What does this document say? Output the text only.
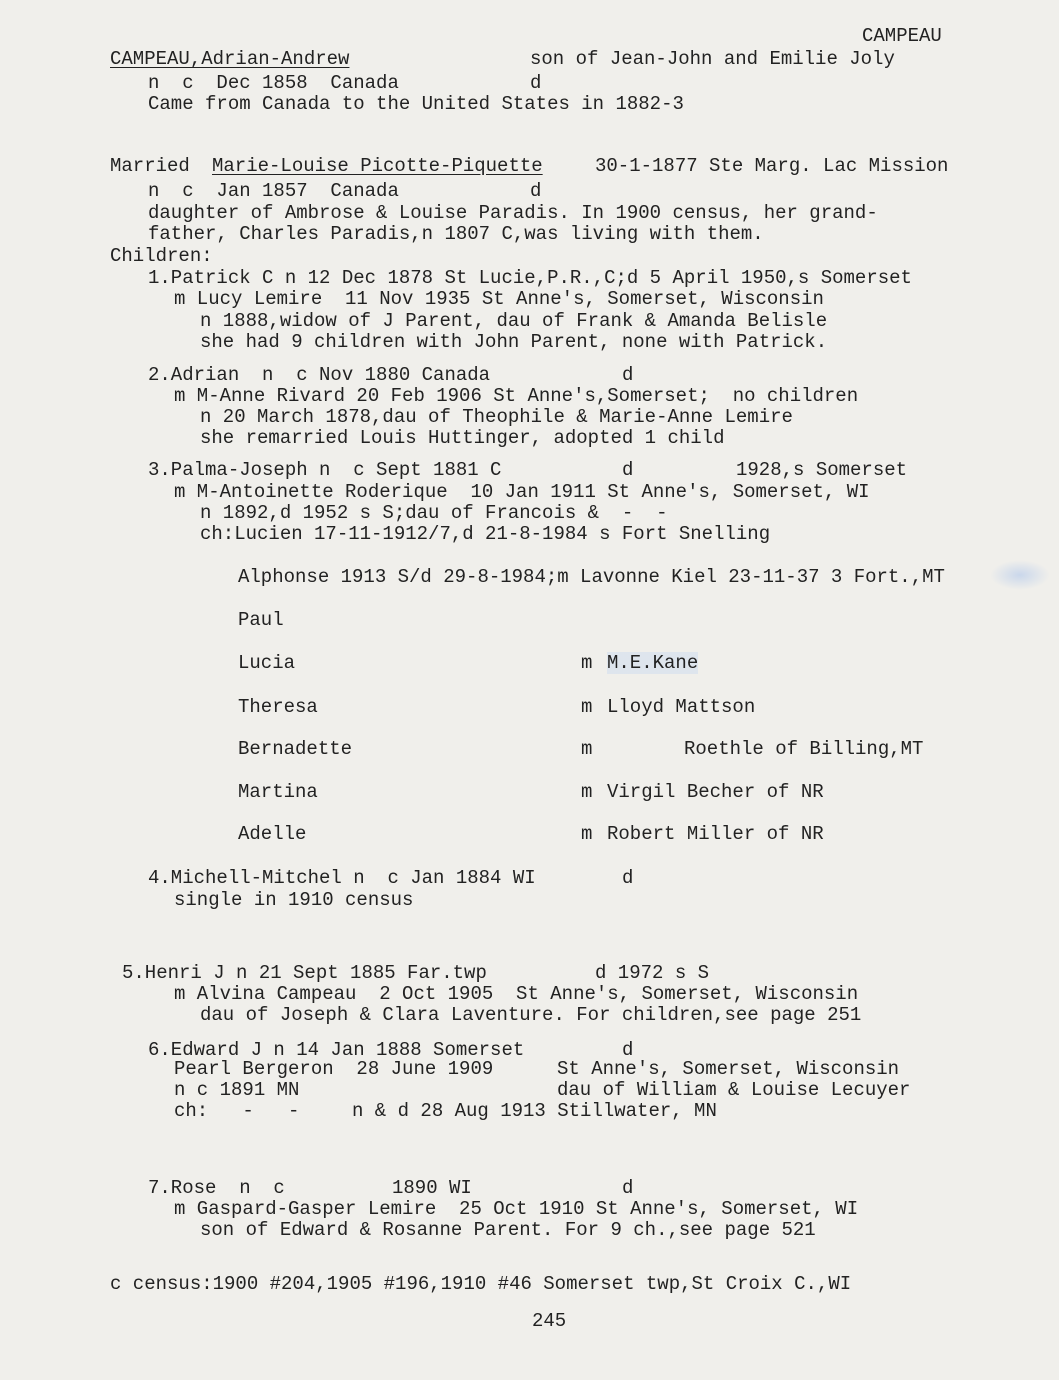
CAMPEAU
CAMPEAU,Adrian-Andrew	son of Jean-John and Emilie Joly
n  c  Dec 1858  Canada	d
Came from Canada to the United States in 1882-3
Married Marie-Louise Picotte-Piquette	30-1-1877 Ste Marg. Lac Mission
n  c  Jan 1857  Canada	d
daughter of Ambrose & Louise Paradis. In 1900 census, her grand-
father, Charles Paradis,n 1807 C,was living with them.
Children:
1.Patrick C n 12 Dec 1878 St Lucie,P.R.,C;d 5 April 1950,s Somerset
m Lucy Lemire  11 Nov 1935 St Anne's, Somerset, Wisconsin
n 1888,widow of J Parent, dau of Frank & Amanda Belisle
she had 9 children with John Parent, none with Patrick.
2.Adrian  n  c Nov 1880 Canada	d
m M-Anne Rivard 20 Feb 1906 St Anne's,Somerset;  no children
n 20 March 1878,dau of Theophile & Marie-Anne Lemire
she remarried Louis Huttinger, adopted 1 child
3.Palma-Joseph n  c Sept 1881 C	d	1928,s Somerset
m M-Antoinette Roderique  10 Jan 1911 St Anne's, Somerset, WI
n 1892,d 1952 s S;dau of Francois &  -  -
ch:Lucien 17-11-1912/7,d 21-8-1984 s Fort Snelling
Alphonse 1913 S/d 29-8-1984;m Lavonne Kiel 23-11-37 3 Fort.,MT
Paul
Lucia	m M.E.Kane
Theresa	m Lloyd Mattson
Bernadette	m	Roethle of Billing,MT
Martina	m Virgil Becher of NR
Adelle	m Robert Miller of NR
4.Michell-Mitchel n  c Jan 1884 WI	d
single in 1910 census
5.Henri J n 21 Sept 1885 Far.twp	d 1972 s S
m Alvina Campeau  2 Oct 1905  St Anne's, Somerset, Wisconsin
dau of Joseph & Clara Laventure. For children,see page 251
6.Edward J n 14 Jan 1888 Somerset	d
Pearl Bergeron  28 June 1909	St Anne's, Somerset, Wisconsin
n c 1891 MN	dau of William & Louise Lecuyer
ch:   -   -	n & d 28 Aug 1913 Stillwater, MN
7.Rose  n  c	1890 WI	d
m Gaspard-Gasper Lemire  25 Oct 1910 St Anne's, Somerset, WI
son of Edward & Rosanne Parent. For 9 ch.,see page 521
c census:1900 #204,1905 #196,1910 #46 Somerset twp,St Croix C.,WI
245
